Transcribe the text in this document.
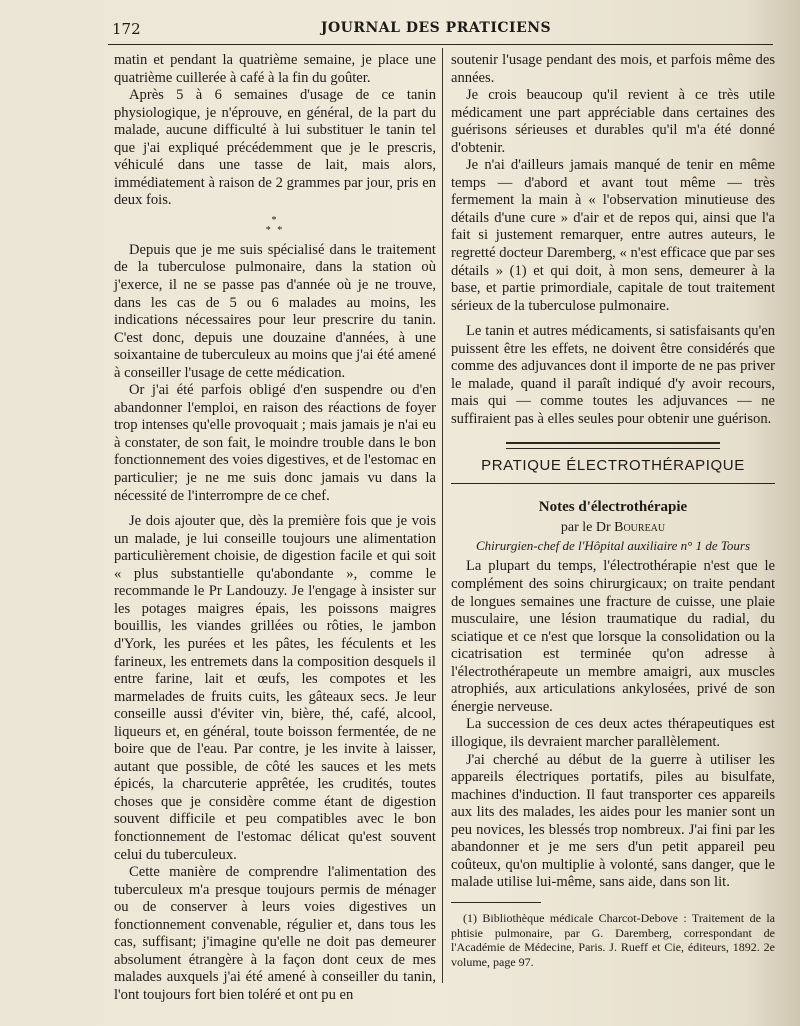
172	JOURNAL DES PRATICIENS

matin et pendant la quatrième semaine, je place une quatrième cuillerée à café à la fin du goûter.

Après 5 à 6 semaines d'usage de ce tanin physiologique, je n'éprouve, en général, de la part du malade, aucune difficulté à lui substituer le tanin tel que j'ai expliqué précédemment que je le prescris, véhiculé dans une tasse de lait, mais alors, immédiatement à raison de 2 grammes par jour, pris en deux fois.

*
* *

Depuis que je me suis spécialisé dans le traitement de la tuberculose pulmonaire, dans la station où j'exerce, il ne se passe pas d'année où je ne trouve, dans les cas de 5 ou 6 malades au moins, les indications nécessaires pour leur prescrire du tanin. C'est donc, depuis une douzaine d'années, à une soixantaine de tuberculeux au moins que j'ai été amené à conseiller l'usage de cette médication.

Or j'ai été parfois obligé d'en suspendre ou d'en abandonner l'emploi, en raison des réactions de foyer trop intenses qu'elle provoquait ; mais jamais je n'ai eu à constater, de son fait, le moindre trouble dans le bon fonctionnement des voies digestives, et de l'estomac en particulier; je ne me suis donc jamais vu dans la nécessité de l'interrompre de ce chef.

Je dois ajouter que, dès la première fois que je vois un malade, je lui conseille toujours une alimentation particulièrement choisie, de digestion facile et qui soit « plus substantielle qu'abondante », comme le recommande le Pr Landouzy. Je l'engage à insister sur les potages maigres épais, les poissons maigres bouillis, les viandes grillées ou rôties, le jambon d'York, les purées et les pâtes, les féculents et les farineux, les entremets dans la composition desquels il entre farine, lait et œufs, les compotes et les marmelades de fruits cuits, les gâteaux secs. Je leur conseille aussi d'éviter vin, bière, thé, café, alcool, liqueurs et, en général, toute boisson fermentée, de ne boire que de l'eau. Par contre, je les invite à laisser, autant que possible, de côté les sauces et les mets épicés, la charcuterie apprêtée, les crudités, toutes choses que je considère comme étant de digestion souvent difficile et peu compatibles avec le bon fonctionnement de l'estomac délicat qu'est souvent celui du tuberculeux.

Cette manière de comprendre l'alimentation des tuberculeux m'a presque toujours permis de ménager ou de conserver à leurs voies digestives un fonctionnement convenable, régulier et, dans tous les cas, suffisant; j'imagine qu'elle ne doit pas demeurer absolument étrangère à la façon dont ceux de mes malades auxquels j'ai été amené à conseiller du tanin, l'ont toujours fort bien toléré et ont pu en

soutenir l'usage pendant des mois, et parfois même des années.

Je crois beaucoup qu'il revient à ce très utile médicament une part appréciable dans certaines des guérisons sérieuses et durables qu'il m'a été donné d'obtenir.

Je n'ai d'ailleurs jamais manqué de tenir en même temps — d'abord et avant tout même — très fermement la main à « l'observation minutieuse des détails d'une cure » d'air et de repos qui, ainsi que l'a fait si justement remarquer, entre autres auteurs, le regretté docteur Daremberg, « n'est efficace que par ses détails » (1) et qui doit, à mon sens, demeurer à la base, et partie primordiale, capitale de tout traitement sérieux de la tuberculose pulmonaire.

Le tanin et autres médicaments, si satisfaisants qu'en puissent être les effets, ne doivent être considérés que comme des adjuvances dont il importe de ne pas priver le malade, quand il paraît indiqué d'y avoir recours, mais qui — comme toutes les adjuvances — ne suffiraient pas à elles seules pour obtenir une guérison.

PRATIQUE ÉLECTROTHÉRAPIQUE
Notes d'électrothérapie
par le Dr Boureau
Chirurgien-chef de l'Hôpital auxiliaire n° 1 de Tours

La plupart du temps, l'électrothérapie n'est que le complément des soins chirurgicaux; on traite pendant de longues semaines une fracture de cuisse, une plaie musculaire, une lésion traumatique du radial, du sciatique et ce n'est que lorsque la consolidation ou la cicatrisation est terminée qu'on adresse à l'électrothérapeute un membre amaigri, aux muscles atrophiés, aux articulations ankylosées, privé de son énergie nerveuse.

La succession de ces deux actes thérapeutiques est illogique, ils devraient marcher parallèlement.

J'ai cherché au début de la guerre à utiliser les appareils électriques portatifs, piles au bisulfate, machines d'induction. Il faut transporter ces appareils aux lits des malades, les aides pour les manier sont un peu novices, les blessés trop nombreux. J'ai fini par les abandonner et je me sers d'un petit appareil peu coûteux, qu'on multiplie à volonté, sans danger, que le malade utilise lui-même, sans aide, dans son lit.

(1) Bibliothèque médicale Charcot-Debove : Traitement de la phtisie pulmonaire, par G. Daremberg, correspondant de l'Académie de Médecine, Paris. J. Rueff et Cie, éditeurs, 1892. 2e volume, page 97.
